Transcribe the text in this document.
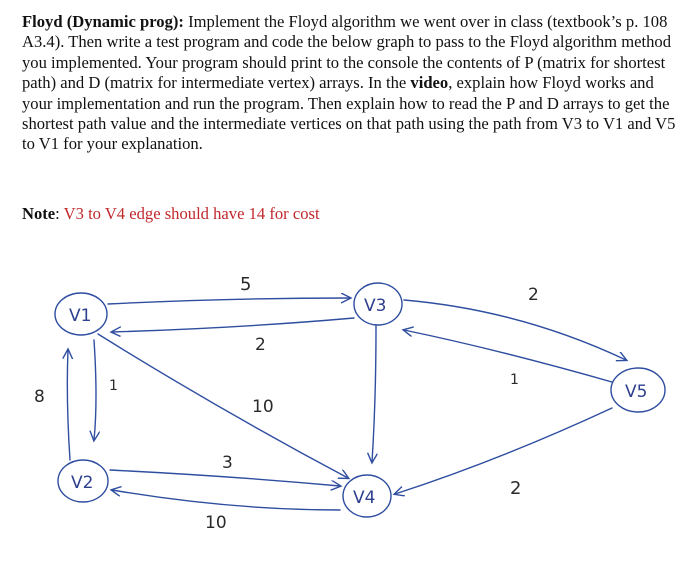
Floyd (Dynamic prog): Implement the Floyd algorithm we went over in class (textbook’s p. 108 A3.4). Then write a test program and code the below graph to pass to the Floyd algorithm method you implemented. Your program should print to the console the contents of P (matrix for shortest path) and D (matrix for intermediate vertex) arrays. In the video, explain how Floyd works and your implementation and run the program. Then explain how to read the P and D arrays to get the shortest path value and the intermediate vertices on that path using the path from V3 to V1 and V5 to V1 for your explanation.
Note: V3 to V4 edge should have 14 for cost
V1
V2
V3
V4
V5
5
2
10
8
1
3
10
2
1
2
